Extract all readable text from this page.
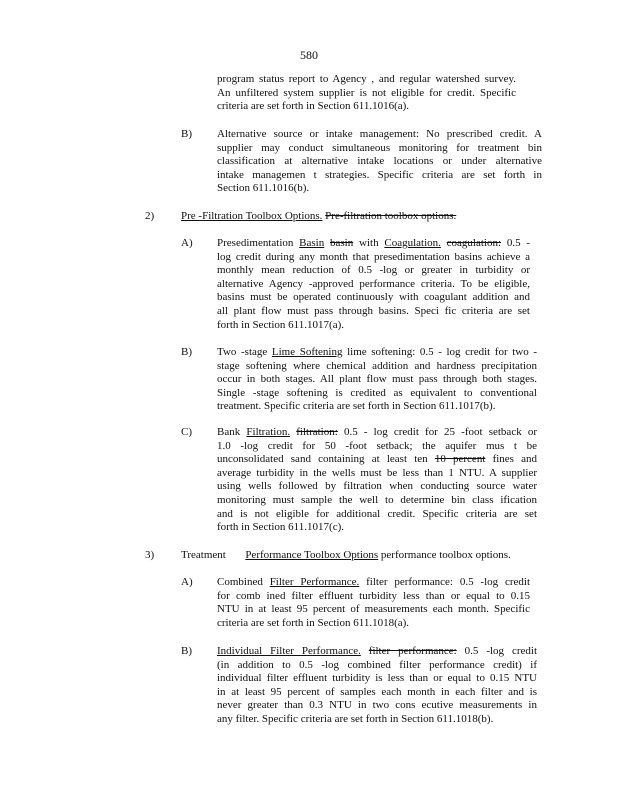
580

program status report to Agency , and regular watershed survey.

An unfiltered system supplier is not eligible for credit. Specific

criteria are set forth in Section 611.1016(a).

B) Alternative source or intake management: No prescribed credit. A

supplier may conduct simultaneous monitoring for treatment bin

classification at alternative intake locations or under alternative

intake managemen t strategies. Specific criteria are set forth in

Section 611.1016(b).

2) Pre -Filtration Toolbox Options. Pre-filtration toolbox options.
A) Presedimentation Basin basin with Coagulation. coagulation: 0.5 -

log credit during any month that presedimentation basins achieve a

monthly mean reduction of 0.5 -log or greater in turbidity or

alternative Agency -approved performance criteria. To be eligible,

basins must be operated continuously with coagulant addition and

all plant flow must pass through basins. Speci fic criteria are set

forth in Section 611.1017(a).

B) Two -stage Lime Softening lime softening: 0.5 - log credit for two -

stage softening where chemical addition and hardness precipitation

occur in both stages. All plant flow must pass through both stages.

Single -stage softening is credited as equivalent to conventional

treatment. Specific criteria are set forth in Section 611.1017(b).

C) Bank Filtration. filtration: 0.5 - log credit for 25 -foot setback or

1.0 -log credit for 50 -foot setback; the aquifer mus t be

unconsolidated sand containing at least ten 10 percent fines and

average turbidity in the wells must be less than 1 NTU. A supplier

using wells followed by filtration when conducting source water

monitoring must sample the well to determine bin class ification

and is not eligible for additional credit. Specific criteria are set

forth in Section 611.1017(c).

3) Treatment Performance Toolbox Options performance toolbox options.
A) Combined Filter Performance. filter performance: 0.5 -log credit

for comb ined filter effluent turbidity less than or equal to 0.15

NTU in at least 95 percent of measurements each month. Specific

criteria are set forth in Section 611.1018(a).

B) Individual Filter Performance. filter performance: 0.5 -log credit

(in addition to 0.5 -log combined filter performance credit) if

individual filter effluent turbidity is less than or equal to 0.15 NTU

in at least 95 percent of samples each month in each filter and is

never greater than 0.3 NTU in two cons ecutive measurements in

any filter. Specific criteria are set forth in Section 611.1018(b).
